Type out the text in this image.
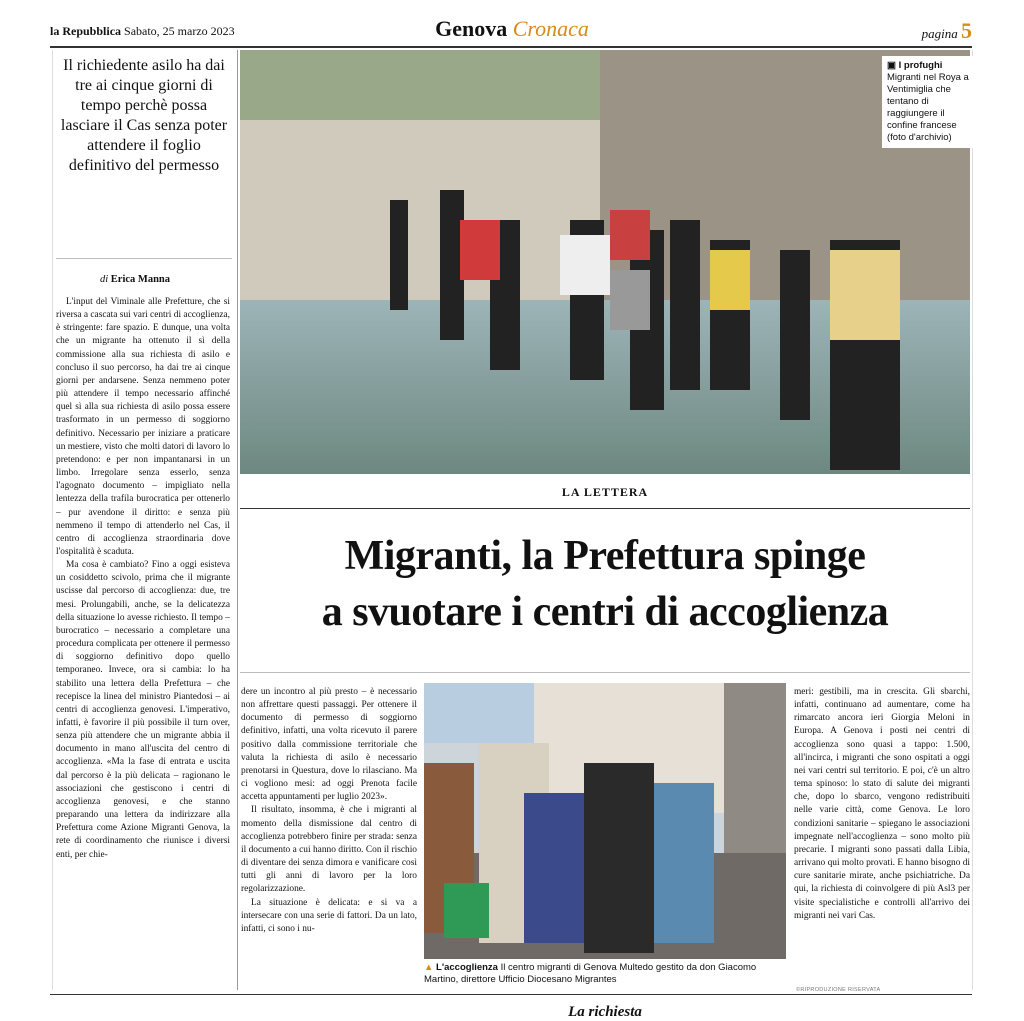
la Repubblica Sabato, 25 marzo 2023	Genova Cronaca	pagina 5
Il richiedente asilo ha dai tre ai cinque giorni di tempo perchè possa lasciare il Cas senza poter attendere il foglio definitivo del permesso
di Erica Manna

L'input del Viminale alle Prefetture, che si riversa a cascata sui vari centri di accoglienza, è stringente: fare spazio. E dunque, una volta che un migrante ha ottenuto il sì della commissione alla sua richiesta di asilo e concluso il suo percorso, ha dai tre ai cinque giorni per andarsene. Senza nemmeno poter più attendere il tempo necessario affinché quel sì alla sua richiesta di asilo possa essere trasformato in un permesso di soggiorno definitivo. Necessario per iniziare a praticare un mestiere, visto che molti datori di lavoro lo pretendono: e per non impantanarsi in un limbo. Irregolare senza esserlo, senza l'agognato documento – impigliato nella lentezza della trafila burocratica per ottenerlo – pur avendone il diritto: e senza più nemmeno il tempo di attenderlo nel Cas, il centro di accoglienza straordinaria dove l'ospitalità è scaduta.

Ma cosa è cambiato? Fino a oggi esisteva un cosiddetto scivolo, prima che il migrante uscisse dal percorso di accoglienza: due, tre mesi. Prolungabili, anche, se la delicatezza della situazione lo avesse richiesto. Il tempo – burocratico – necessario a completare una procedura complicata per ottenere il permesso di soggiorno definitivo dopo quello temporaneo. Invece, ora si cambia: lo ha stabilito una lettera della Prefettura – che recepisce la linea del ministro Piantedosi – ai centri di accoglienza genovesi. L'imperativo, infatti, è favorire il più possibile il turn over, senza più attendere che un migrante abbia il documento in mano all'uscita del centro di accoglienza. «Ma la fase di entrata e uscita dal percorso è la più delicata – ragionano le associazioni che gestiscono i centri di accoglienza genovesi, e che stanno preparando una lettera da indirizzare alla Prefettura come Azione Migranti Genova, la rete di coordinamento che riunisce i diversi enti, per chie-

▣ I profughi
Migranti nel Roya a Ventimiglia che tentano di raggiungere il confine francese (foto d'archivio)
LA LETTERA
Migranti, la Prefettura spinge
a svuotare i centri di accoglienza

dere un incontro al più presto – è necessario non affrettare questi passaggi. Per ottenere il documento di permesso di soggiorno definitivo, infatti, una volta ricevuto il parere positivo dalla commissione territoriale che valuta la richiesta di asilo è necessario prenotarsi in Questura, dove lo rilasciano. Ma ci vogliono mesi: ad oggi Prenota facile accetta appuntamenti per luglio 2023».

Il risultato, insomma, è che i migranti al momento della dismissione dal centro di accoglienza potrebbero finire per strada: senza il documento a cui hanno diritto. Con il rischio di diventare dei senza dimora e vanificare così tutti gli anni di lavoro per la loro regolarizzazione.

La situazione è delicata: e si va a intersecare con una serie di fattori. Da un lato, infatti, ci sono i nu-

▲ L'accoglienza Il centro migranti di Genova Multedo gestito da don Giacomo Martino, direttore Ufficio Diocesano Migrantes

meri: gestibili, ma in crescita. Gli sbarchi, infatti, continuano ad aumentare, come ha rimarcato ancora ieri Giorgia Meloni in Europa. A Genova i posti nei centri di accoglienza sono quasi a tappo: 1.500, all'incirca, i migranti che sono ospitati a oggi nei vari centri sul territorio. E poi, c'è un altro tema spinoso: lo stato di salute dei migranti che, dopo lo sbarco, vengono redistribuiti nelle varie città, come Genova. Le loro condizioni sanitarie – spiegano le associazioni impegnate nell'accoglienza – sono molto più precarie. I migranti sono passati dalla Libia, arrivano qui molto provati. E hanno bisogno di cure sanitarie mirate, anche psichiatriche. Da qui, la richiesta di coinvolgere di più Asl3 per visite specialistiche e controlli all'arrivo dei migranti nei vari Cas.

©RIPRODUZIONE RISERVATA
La richiesta
